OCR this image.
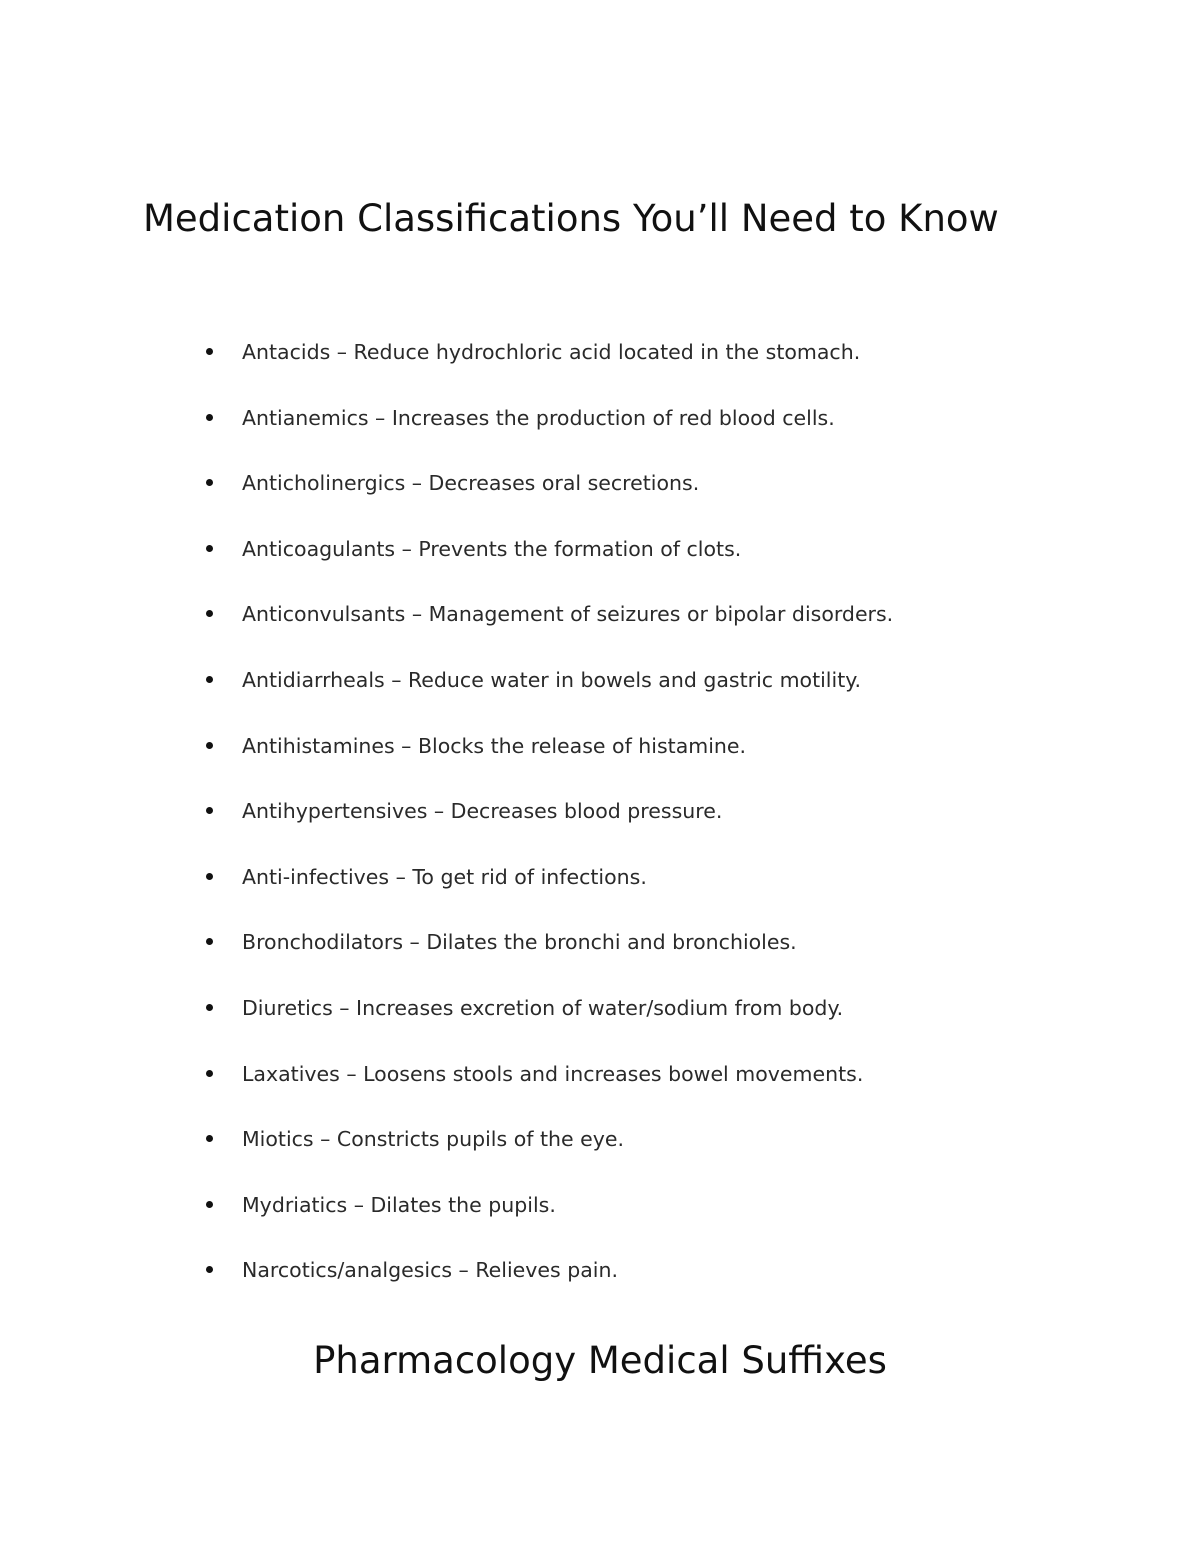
Medication Classifications You’ll Need to Know
Antacids – Reduce hydrochloric acid located in the stomach.
Antianemics – Increases the production of red blood cells.
Anticholinergics – Decreases oral secretions.
Anticoagulants – Prevents the formation of clots.
Anticonvulsants – Management of seizures or bipolar disorders.
Antidiarrheals – Reduce water in bowels and gastric motility.
Antihistamines – Blocks the release of histamine.
Antihypertensives – Decreases blood pressure.
Anti-infectives – To get rid of infections.
Bronchodilators – Dilates the bronchi and bronchioles.
Diuretics – Increases excretion of water/sodium from body.
Laxatives – Loosens stools and increases bowel movements.
Miotics – Constricts pupils of the eye.
Mydriatics – Dilates the pupils.
Narcotics/analgesics – Relieves pain.
Pharmacology Medical Suffixes
